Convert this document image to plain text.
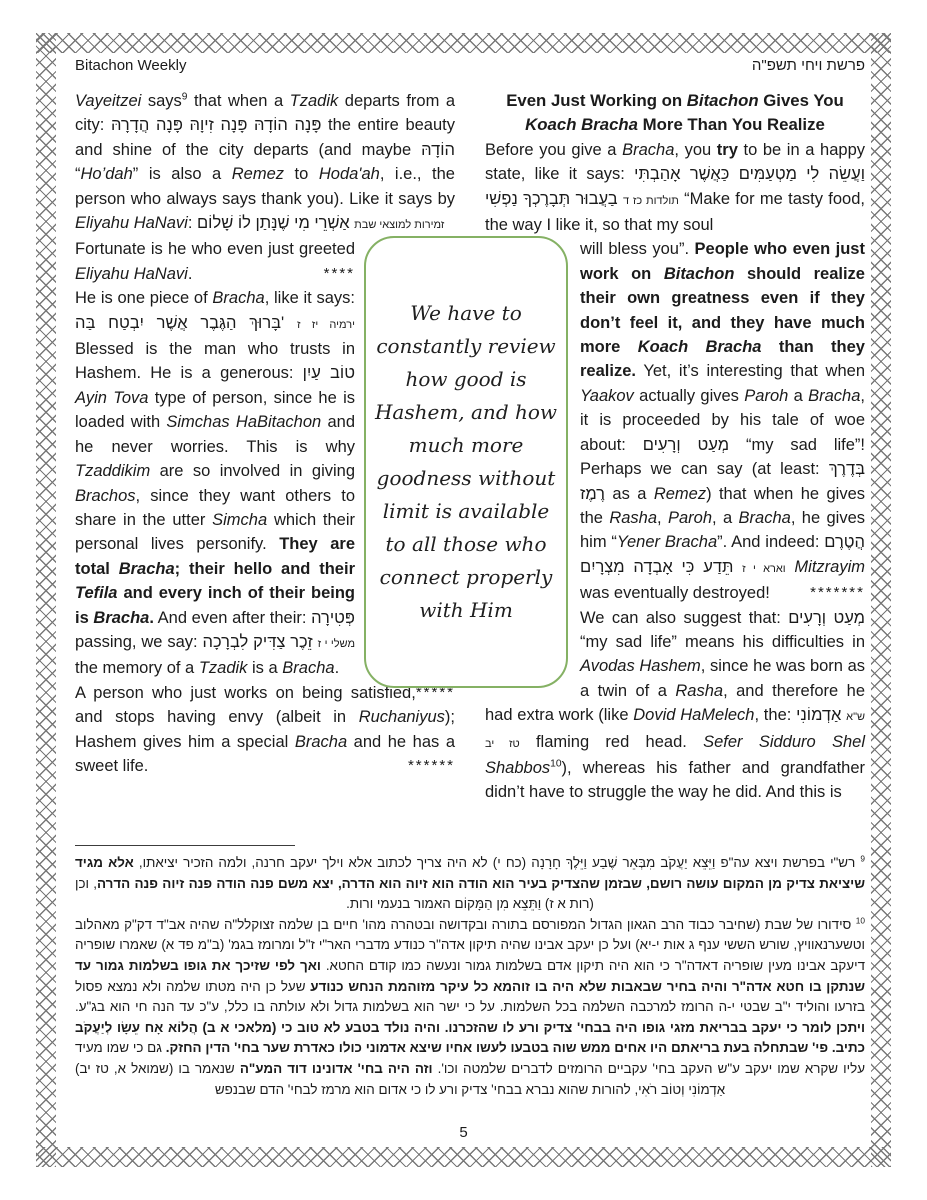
Bitachon Weekly	פרשת ויחי תשפ"ה

Vayeitzei says$^9$ that when a Tzadik departs from a city: פָּנָה הוֹדָהּ פָּנָה זִיוָהּ פָּנָה הֲדָרָהּ the entire beauty and shine of the city departs (and maybe הוֹדָהּ “Ho’dah” is also a Remez to Hoda'ah, i.e., the person who always says thank you). Like it says by Eliyahu HaNavi: אַשְׁרֵי מִי שֶׁנָּתַן לוֹ שָׁלוֹם זמירות למוצאי שבת

Fortunate is he who even just greeted Eliyahu HaNavi.	****

He is one piece of Bracha, like it says: בָּרוּךְ הַגֶּבֶר אֲשֶׁר יִבְטַח בַּה' ירמיה יז ז Blessed is the man who trusts in Hashem. He is a generous: טוֹב עַיִן Ayin Tova type of person, since he is loaded with Simchas HaBitachon and he never worries. This is why Tzaddikim are so involved in giving Brachos, since they want others to share in the utter Simcha which their personal lives personify. They are total Bracha; their hello and their Tefila and every inch of their being is Bracha. And even after their: פְּטִירָה passing, we say: זֵכֶר צַדִּיק לִבְרָכָה משלי י ז the memory of a Tzadik is a Bracha.
*****

A person who just works on being satisfied, and stops having envy (albeit in Ruchaniyus); Hashem gives him a special Bracha and he has a sweet life.	******

Even Just Working on Bitachon Gives You

Koach Bracha More Than You Realize

Before you give a Bracha, you try to be in a happy state, like it says: וַעֲשֵׂה לִי מַטְעַמִּים כַּאֲשֶׁר אָהַבְתִּי בַעֲבוּר תְּבָרֶכְךָ נַפְשִׁי תולדות כז ד “Make for me tasty food, the way I like it, so that my soul

will bless you”. People who even just work on Bitachon should realize their own greatness even if they don’t feel it, and they have much more Koach Bracha than they realize. Yet, it’s interesting that when Yaakov actually gives Paroh a Bracha, it is proceeded by his tale of woe about: מְעַט וְרָעִים “my sad life”! Perhaps we can say (at least: בְּדֶרֶךְ רֶמֶז as a Remez) that when he gives the Rasha, Paroh, a Bracha, he gives him “Yener Bracha”. And indeed: הֲטֶרֶם תֵּדַע כִּי אָבְדָה מִצְרָיִם וארא י ז Mitzrayim was eventually destroyed!	*******

We can also suggest that: מְעַט וְרָעִים “my sad life” means his difficulties in Avodas Hashem, since he was born as a twin of a Rasha, and therefore he had extra work (like Dovid HaMelech, the: אַדְמוֹנִי ש"א טז יב flaming red head. Sefer Sidduro Shel Shabbos$^{10}$), whereas his father and grandfather didn’t have to struggle the way he did. And this is

We have to constantly review how good is Hashem, and how much more goodness without limit is available to all those who connect properly with Him

$^9$ רש"י בפרשת ויצא עה"פ וַיֵּצֵא יַעֲקֹב מִבְּאֵר שֶׁבַע וַיֵּלֶךְ חָרָנָה (כח י) לא היה צריך לכתוב אלא וילך יעקב חרנה, ולמה הזכיר יציאתו, אלא מגיד שיציאת צדיק מן המקום עושה רושם, שבזמן שהצדיק בעיר הוא הודה הוא זיוה הוא הדרה, יצא משם פנה הודה פנה זיוה פנה הדרה, וכן (רות א ז) וַתֵּצֵא מִן הַמָּקוֹם האמור בנעמי ורות.

$^{10}$ סידורו של שבת (שחיבר כבוד הרב הגאון הגדול המפורסם בתורה ובקדושה ובטהרה מהו' חיים בן שלמה זצוקלל"ה שהיה אב"ד דק"ק מאהלוב וטשערנאוויץ, שורש הששי ענף ג אות י-יא) ועל כן יעקב אבינו שהיה תיקון אדה"ר כנודע מדברי האר"י ז"ל ומרומז בגמ' (ב"מ פד א) שאמרו שופריה דיעקב אבינו מעין שופריה דאדה"ר כי הוא היה תיקון אדם בשלמות גמור ונעשה כמו קודם החטא. ואך לפי שזיכך את גופו בשלמות גמור עד שנתקן בו חטא אדה"ר והיה בחיר שבאבות שלא היה בו זוהמא כל עיקר מזוהמת הנחש כנודע שעל כן היה מטתו שלמה ולא נמצא פסול בזרעו והוליד י"ב שבטי י-ה הרומז למרכבה השלמה בכל השלמות. על כי ישר הוא בשלמות גדול ולא עולתה בו כלל, ע"כ עד הנה חי הוא בג"ע. ויתכן לומר כי יעקב בבריאת מזגי גופו היה בבחי' צדיק ורע לו שהזכרנו. והיה נולד בטבע לא טוב כי (מלאכי א ב) הֲלוֹא אָח עֵשָׂו לְיַעֲקֹב כתיב. פי' שבתחלה בעת בריאתם היו אחים ממש שוה בטבעו לעשו אחיו שיצא אדמוני כולו כאדרת שער בחי' הדין החזק. גם כי שמו מעיד עליו שקרא שמו יעקב ע"ש העקב בחי' עקביים הרומזים לדברים שלמטה וכו'. וזה היה בחי' אדונינו דוד המע"ה שנאמר בו (שמואל א, טז יב) אַדְמוֹנִי וְטוֹב רֹאִי, להורות שהוא נברא בבחי' צדיק ורע לו כי אדום הוא מרמז לבחי' הדם שבנפש

5
